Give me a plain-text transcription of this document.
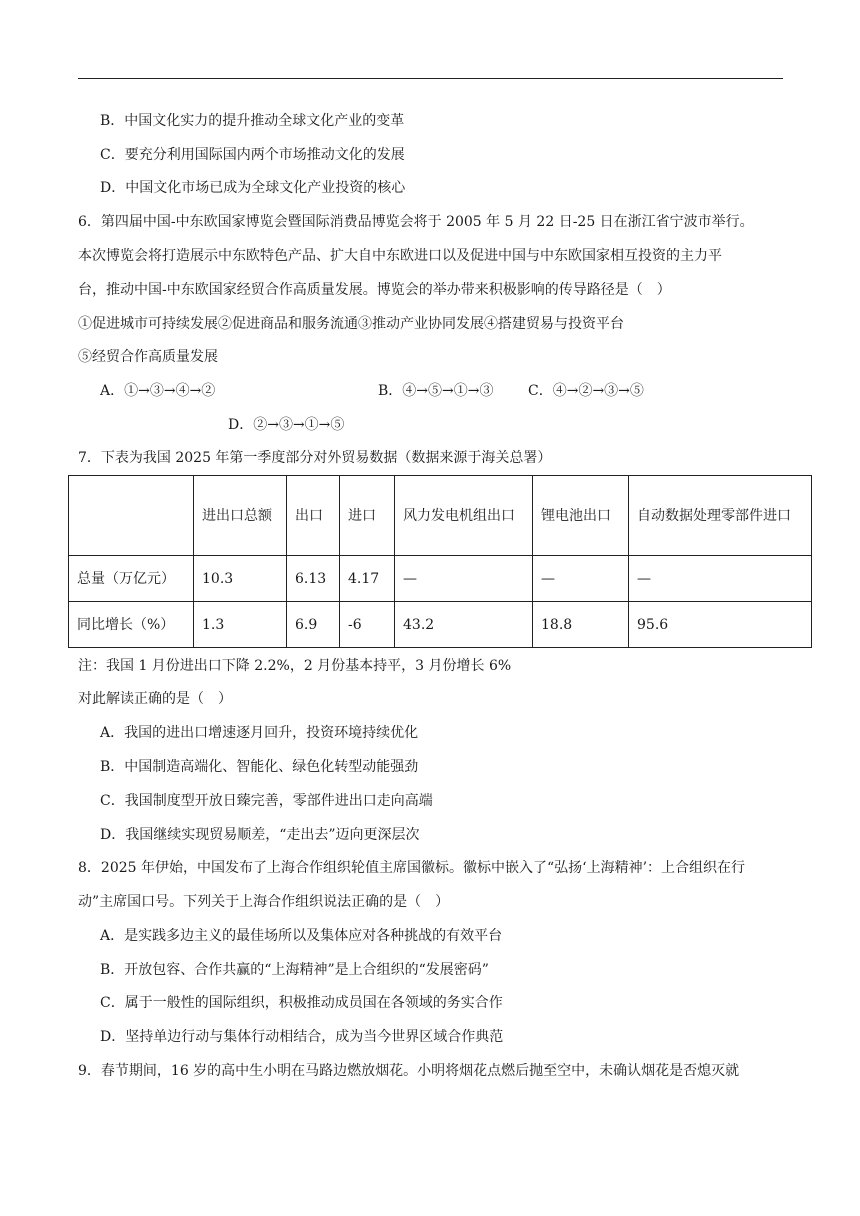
B．中国文化实力的提升推动全球文化产业的变革
C．要充分利用国际国内两个市场推动文化的发展
D．中国文化市场已成为全球文化产业投资的核心
6．第四届中国-中东欧国家博览会暨国际消费品博览会将于 2005 年 5 月 22 日-25 日在浙江省宁波市举行。
本次博览会将打造展示中东欧特色产品、扩大自中东欧进口以及促进中国与中东欧国家相互投资的主力平
台，推动中国-中东欧国家经贸合作高质量发展。博览会的举办带来积极影响的传导路径是（　）
①促进城市可持续发展②促进商品和服务流通③推动产业协同发展④搭建贸易与投资平台
⑤经贸合作高质量发展
A．①→③→④→②	B．④→⑤→①→③ C．④→②→③→⑤
D．②→③→①→⑤
7．下表为我国 2025 年第一季度部分对外贸易数据（数据来源于海关总署）
	进出口总额	出口	进口	风力发电机组出口	锂电池出口	自动数据处理零部件进口
总量（万亿元）	10.3	6.13	4.17	—	—	—
同比增长（%）	1.3	6.9	-6	43.2	18.8	95.6
注：我国 1 月份进出口下降 2.2%，2 月份基本持平，3 月份增长 6%
对此解读正确的是（　）
A．我国的进出口增速逐月回升，投资环境持续优化
B．中国制造高端化、智能化、绿色化转型动能强劲
C．我国制度型开放日臻完善，零部件进出口走向高端
D．我国继续实现贸易顺差，“走出去”迈向更深层次
8．2025 年伊始，中国发布了上海合作组织轮值主席国徽标。徽标中嵌入了“弘扬‘上海精神’：上合组织在行
动”主席国口号。下列关于上海合作组织说法正确的是（　）
A．是实践多边主义的最佳场所以及集体应对各种挑战的有效平台
B．开放包容、合作共赢的“上海精神”是上合组织的“发展密码”
C．属于一般性的国际组织，积极推动成员国在各领域的务实合作
D．坚持单边行动与集体行动相结合，成为当今世界区域合作典范
9．春节期间，16 岁的高中生小明在马路边燃放烟花。小明将烟花点燃后抛至空中，未确认烟花是否熄灭就
